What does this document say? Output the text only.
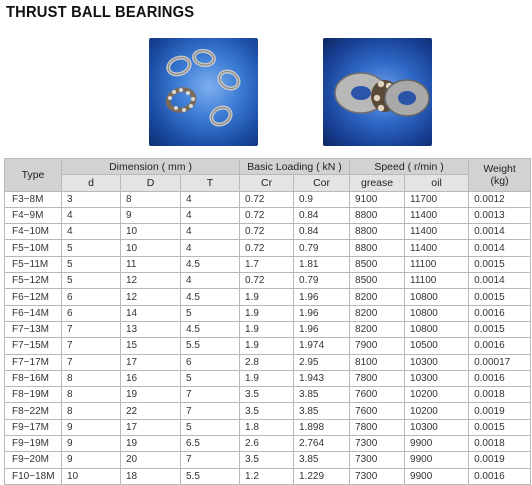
THRUST BALL BEARINGS
Type	Dimension ( mm )			Basic Loading ( kN )		Speed ( r/min )		Weight
(kg)

	d	D	T	Cr	Cor	grease	oil	
F3−8M	3	8	4	0.72	0.9	9100	11700	0.0012
F4−9M	4	9	4	0.72	0.84	8800	11400	0.0013
F4−10M	4	10	4	0.72	0.84	8800	11400	0.0014
F5−10M	5	10	4	0.72	0.79	8800	11400	0.0014
F5−11M	5	11	4.5	1.7	1.81	8500	11100	0.0015
F5−12M	5	12	4	0.72	0.79	8500	11100	0.0014
F6−12M	6	12	4.5	1.9	1.96	8200	10800	0.0015
F6−14M	6	14	5	1.9	1.96	8200	10800	0.0016
F7−13M	7	13	4.5	1.9	1.96	8200	10800	0.0015
F7−15M	7	15	5.5	1.9	1.974	7900	10500	0.0016
F7−17M	7	17	6	2.8	2.95	8100	10300	0.00017
F8−16M	8	16	5	1.9	1.943	7800	10300	0.0016
F8−19M	8	19	7	3.5	3.85	7600	10200	0.0018
F8−22M	8	22	7	3.5	3.85	7600	10200	0.0019
F9−17M	9	17	5	1.8	1.898	7800	10300	0.0015
F9−19M	9	19	6.5	2.6	2.764	7300	9900	0.0018
F9−20M	9	20	7	3.5	3.85	7300	9900	0.0019
F10−18M	10	18	5.5	1.2	1.229	7300	9900	0.0016
